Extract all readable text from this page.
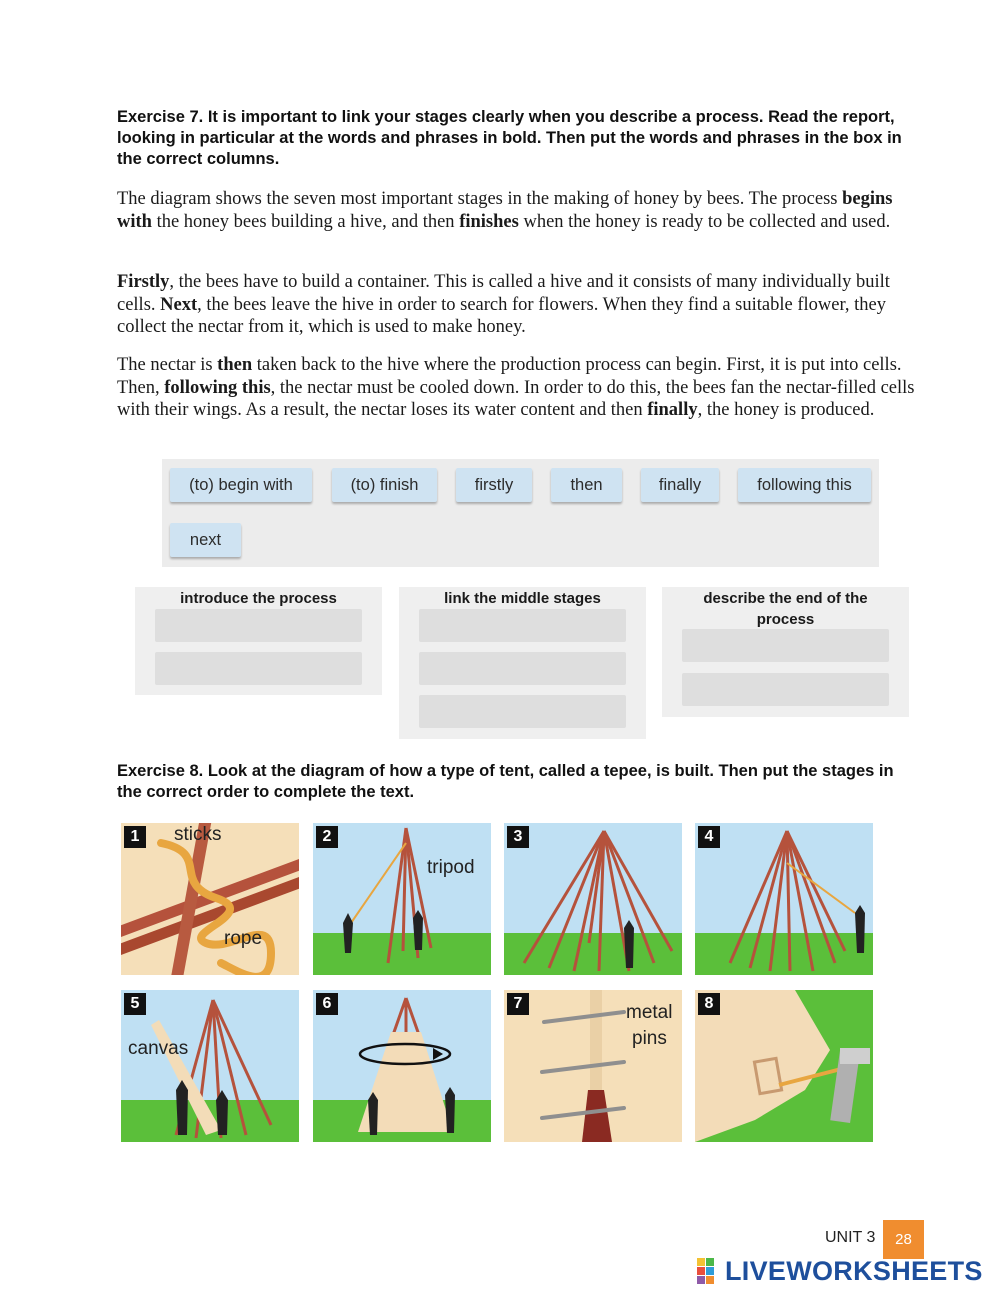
Exercise 7. It is important to link your stages clearly when you describe a process. Read the report, looking in particular at the words and phrases in bold. Then put the words and phrases in the box in the correct columns.

The diagram shows the seven most important stages in the making of honey by bees. The process begins with the honey bees building a hive, and then finishes when the honey is ready to be collected and used.

Firstly, the bees have to build a container. This is called a hive and it consists of many individually built cells. Next, the bees leave the hive in order to search for flowers. When they find a suitable flower, they collect the nectar from it, which is used to make honey.

The nectar is then taken back to the hive where the production process can begin. First, it is put into cells. Then, following this, the nectar must be cooled down. In order to do this, the bees fan the nectar-filled cells with their wings. As a result, the nectar loses its water content and then finally, the honey is produced.

(to) begin with	(to) finish	firstly	then	finally	following this
next
introduce the process	link the middle stages	describe the end of the process
Exercise 8. Look at the diagram of how a type of tent, called a tepee, is built. Then put the stages in the correct order to complete the text.
1	sticks
rope
2
tripod
3	4
5
canvas
6	7	metal
pins
8
UNIT 3	28
LIVEWORKSHEETS
